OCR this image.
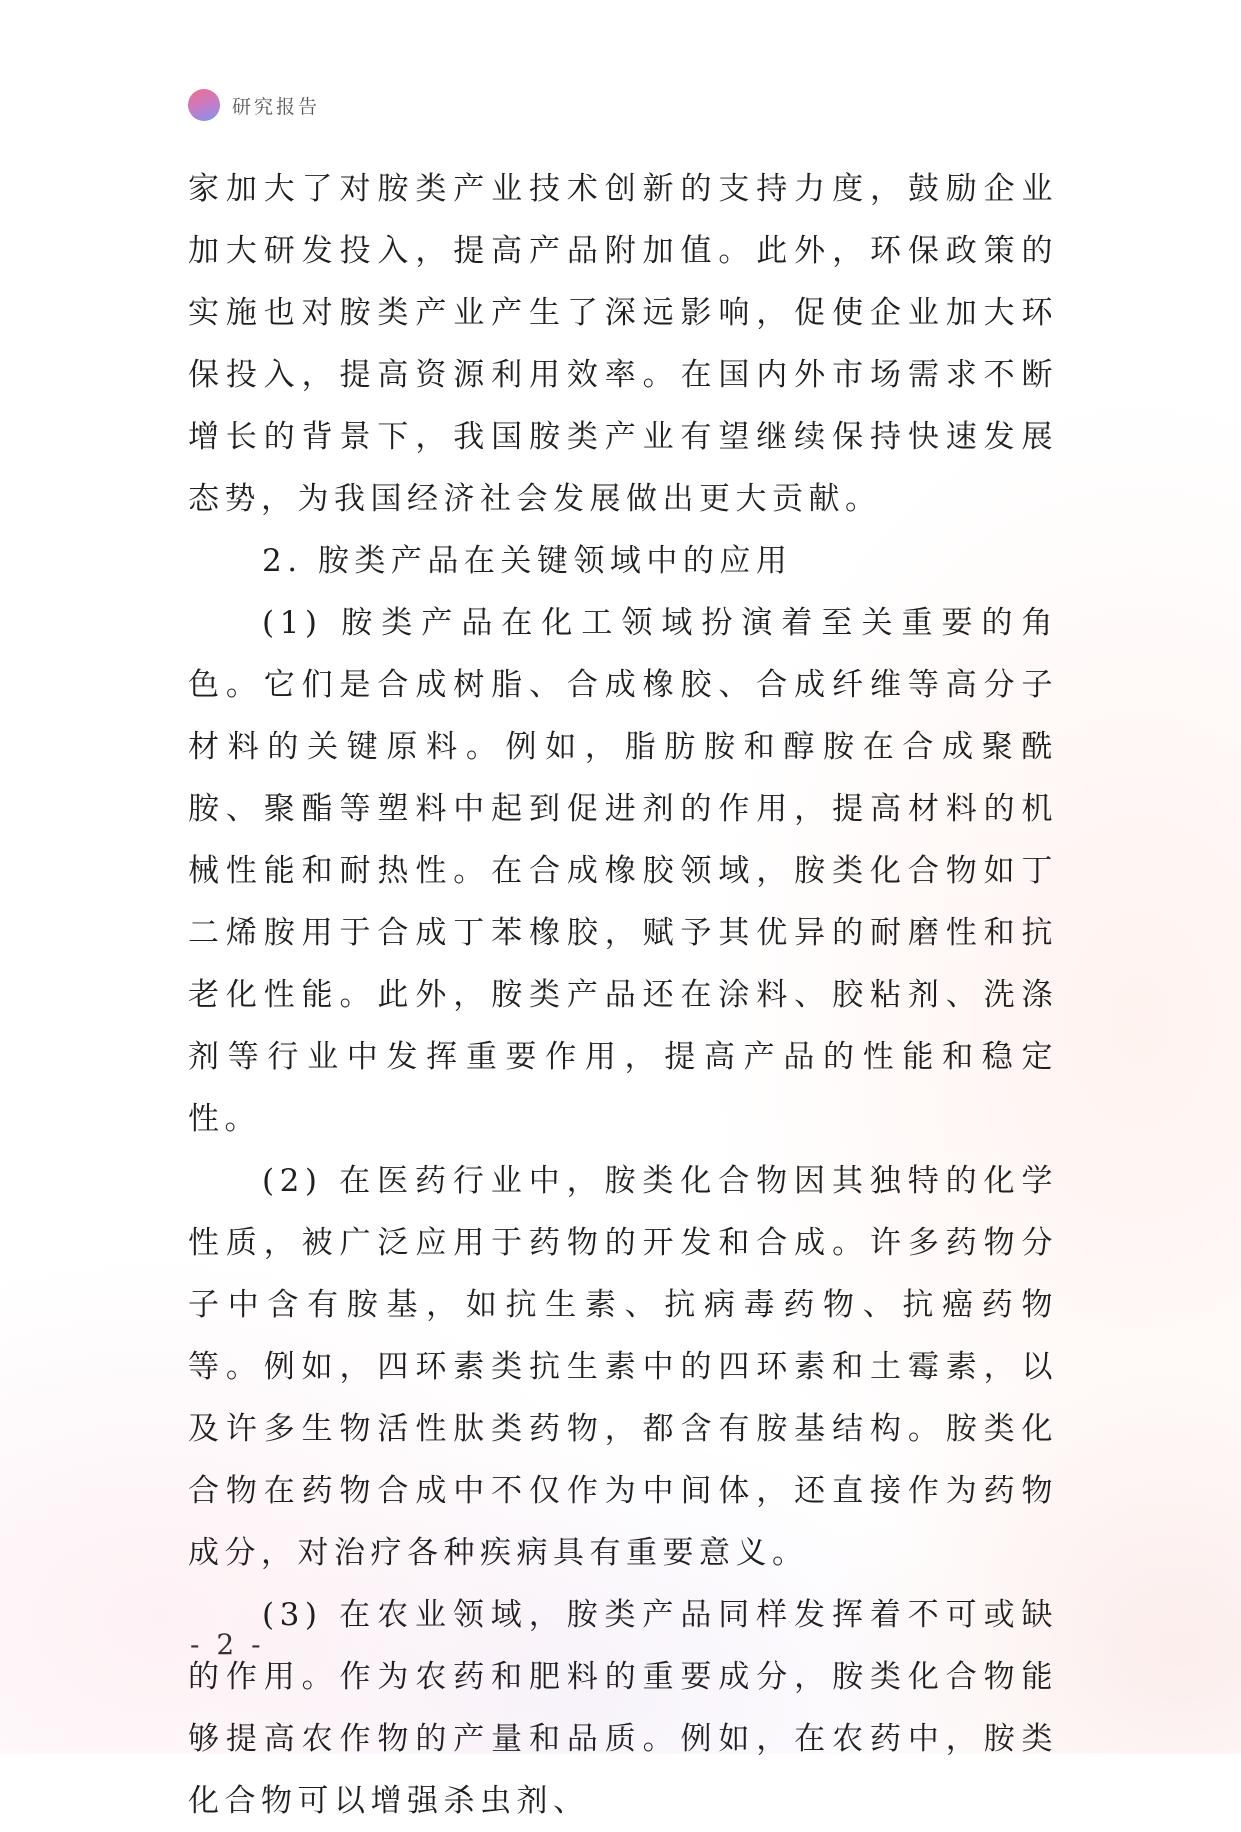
研究报告

家加大了对胺类产业技术创新的支持力度，鼓励企业加大研发投入，提高产品附加值。此外，环保政策的实施也对胺类产业产生了深远影响，促使企业加大环保投入，提高资源利用效率。在国内外市场需求不断增长的背景下，我国胺类产业有望继续保持快速发展态势，为我国经济社会发展做出更大贡献。

2. 胺类产品在关键领域中的应用

(1) 胺类产品在化工领域扮演着至关重要的角色。它们是合成树脂、合成橡胶、合成纤维等高分子材料的关键原料。例如，脂肪胺和醇胺在合成聚酰胺、聚酯等塑料中起到促进剂的作用，提高材料的机械性能和耐热性。在合成橡胶领域，胺类化合物如丁二烯胺用于合成丁苯橡胶，赋予其优异的耐磨性和抗老化性能。此外，胺类产品还在涂料、胶粘剂、洗涤剂等行业中发挥重要作用，提高产品的性能和稳定性。

(2) 在医药行业中，胺类化合物因其独特的化学性质，被广泛应用于药物的开发和合成。许多药物分子中含有胺基，如抗生素、抗病毒药物、抗癌药物等。例如，四环素类抗生素中的四环素和土霉素，以及许多生物活性肽类药物，都含有胺基结构。胺类化合物在药物合成中不仅作为中间体，还直接作为药物成分，对治疗各种疾病具有重要意义。

(3) 在农业领域，胺类产品同样发挥着不可或缺的作用。作为农药和肥料的重要成分，胺类化合物能够提高农作物的产量和品质。例如，在农药中，胺类化合物可以增强杀虫剂、

- 2 -
